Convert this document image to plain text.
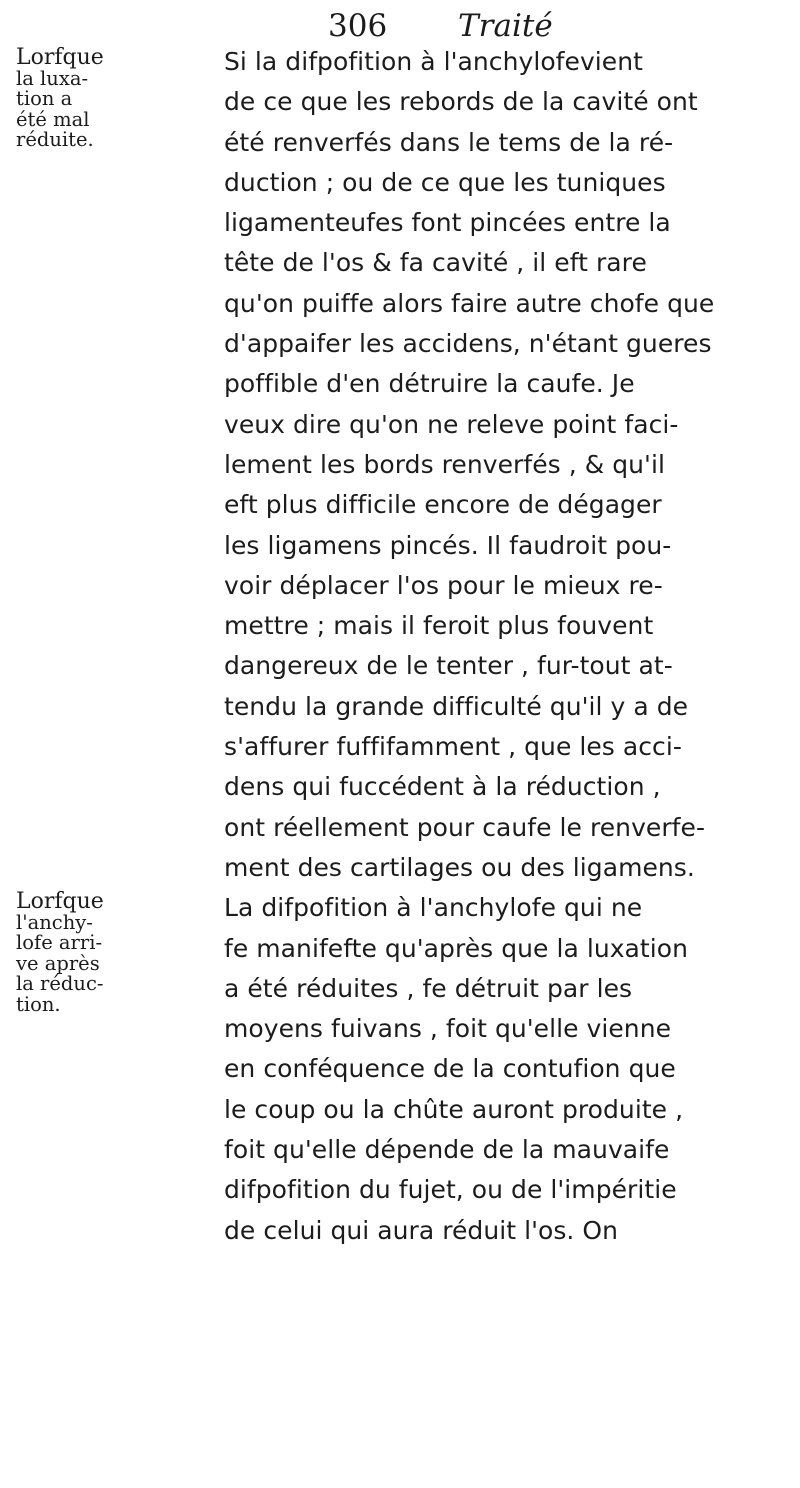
306 Traité
Lorfque
la luxa-
tion a
été mal
réduite.
Lorfque
l'anchy-
lofe arri-
ve après
la réduc-
tion.
Si la difpofition à l'anchylofevient
de ce que les rebords de la cavité ont
été renverfés dans le tems de la ré-
duction ; ou de ce que les tuniques
ligamenteufes font pincées entre la
tête de l'os & fa cavité , il eft rare
qu'on puiffe alors faire autre chofe que
d'appaifer les accidens, n'étant gueres
poffible d'en détruire la caufe. Je
veux dire qu'on ne releve point faci-
lement les bords renverfés , & qu'il
eft plus difficile encore de dégager
les ligamens pincés. Il faudroit pou-
voir déplacer l'os pour le mieux re-
mettre ; mais il feroit plus fouvent
dangereux de le tenter , fur-tout at-
tendu la grande difficulté qu'il y a de
s'affurer fuffifamment , que les acci-
dens qui fuccédent à la réduction ,
ont réellement pour caufe le renverfe-
ment des cartilages ou des ligamens.
La difpofition à l'anchylofe qui ne
fe manifefte qu'après que la luxation
a été réduites , fe détruit par les
moyens fuivans , foit qu'elle vienne
en conféquence de la contufion que
le coup ou la chûte auront produite ,
foit qu'elle dépende de la mauvaife
difpofition du fujet, ou de l'impéritie
de celui qui aura réduit l'os. On
